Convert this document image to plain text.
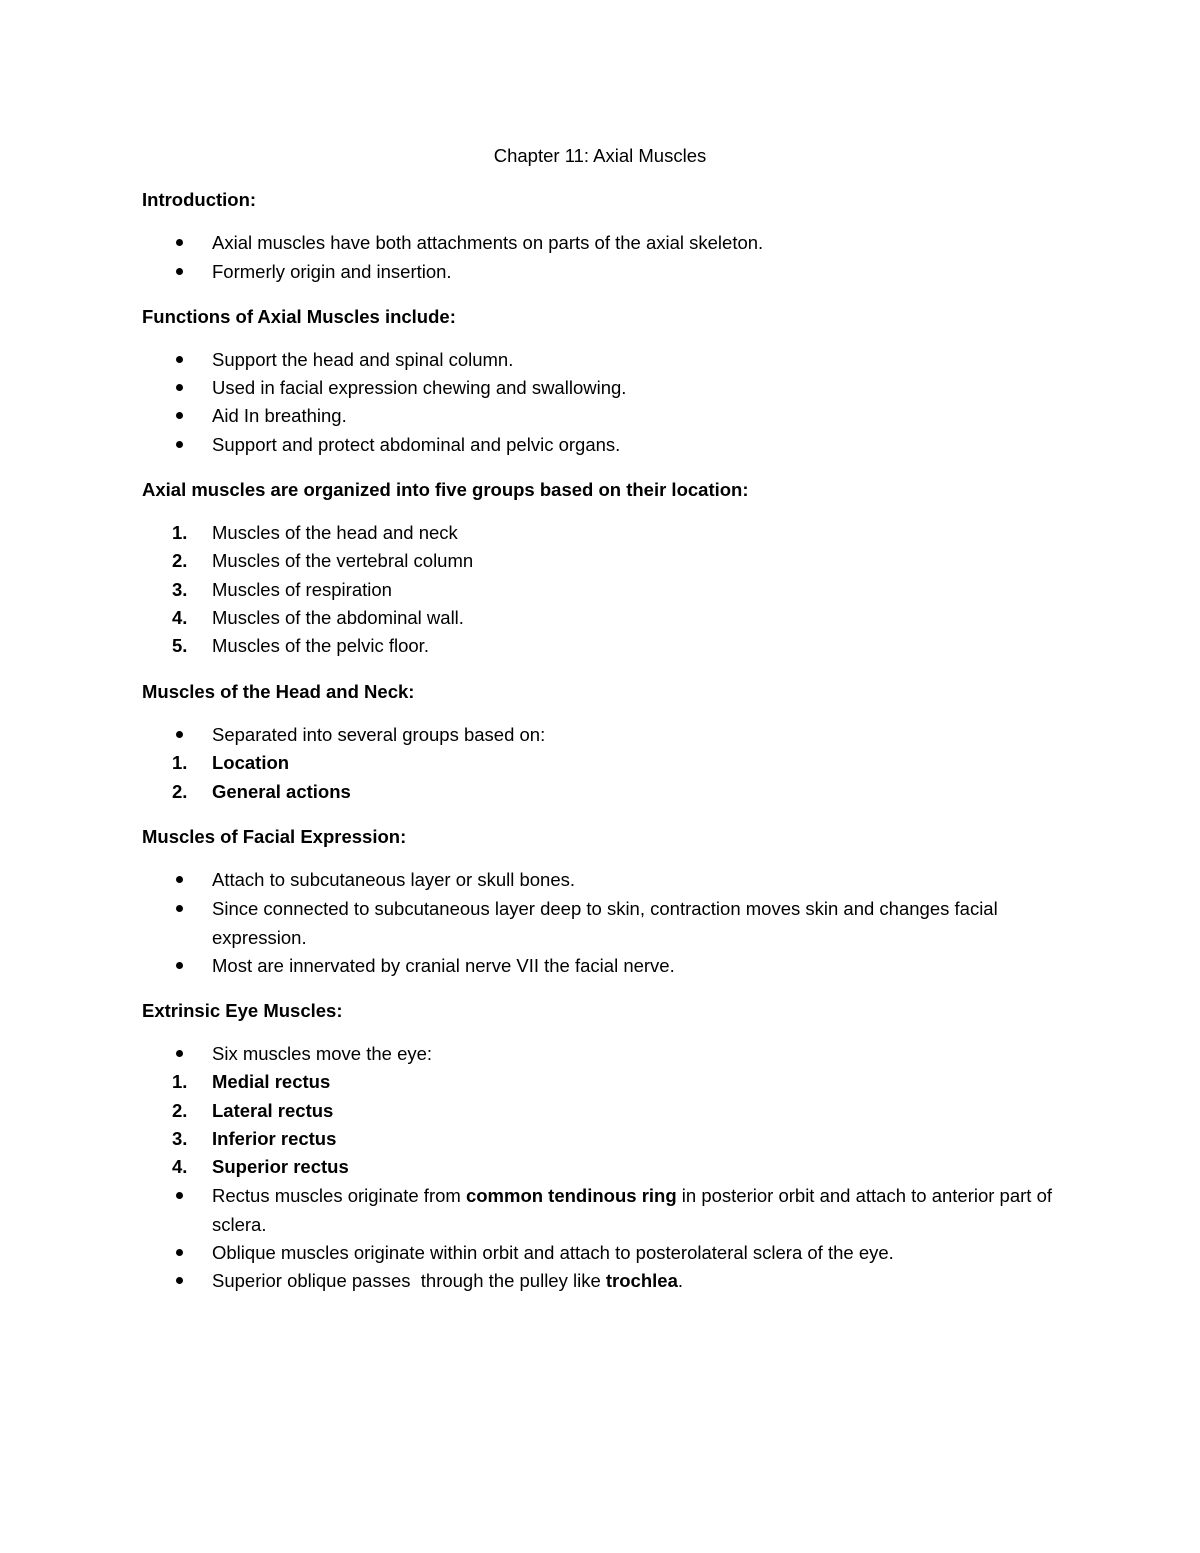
Chapter 11: Axial Muscles
Introduction:
Axial muscles have both attachments on parts of the axial skeleton.
Formerly origin and insertion.
Functions of Axial Muscles include:
Support the head and spinal column.
Used in facial expression chewing and swallowing.
Aid In breathing.
Support and protect abdominal and pelvic organs.
Axial muscles are organized into five groups based on their location:
1.	Muscles of the head and neck
2.	Muscles of the vertebral column
3.	Muscles of respiration
4.	Muscles of the abdominal wall.
5.	Muscles of the pelvic floor.
Muscles of the Head and Neck:
Separated into several groups based on:
1.	Location
2.	General actions
Muscles of Facial Expression:
Attach to subcutaneous layer or skull bones.
Since connected to subcutaneous layer deep to skin, contraction moves skin and changes facial expression.
Most are innervated by cranial nerve VII the facial nerve.
Extrinsic Eye Muscles:
Six muscles move the eye:
1.	Medial rectus
2.	Lateral rectus
3.	Inferior rectus
4.	Superior rectus
Rectus muscles originate from common tendinous ring in posterior orbit and attach to anterior part of sclera.
Oblique muscles originate within orbit and attach to posterolateral sclera of the eye.
Superior oblique passes  through the pulley like trochlea.
